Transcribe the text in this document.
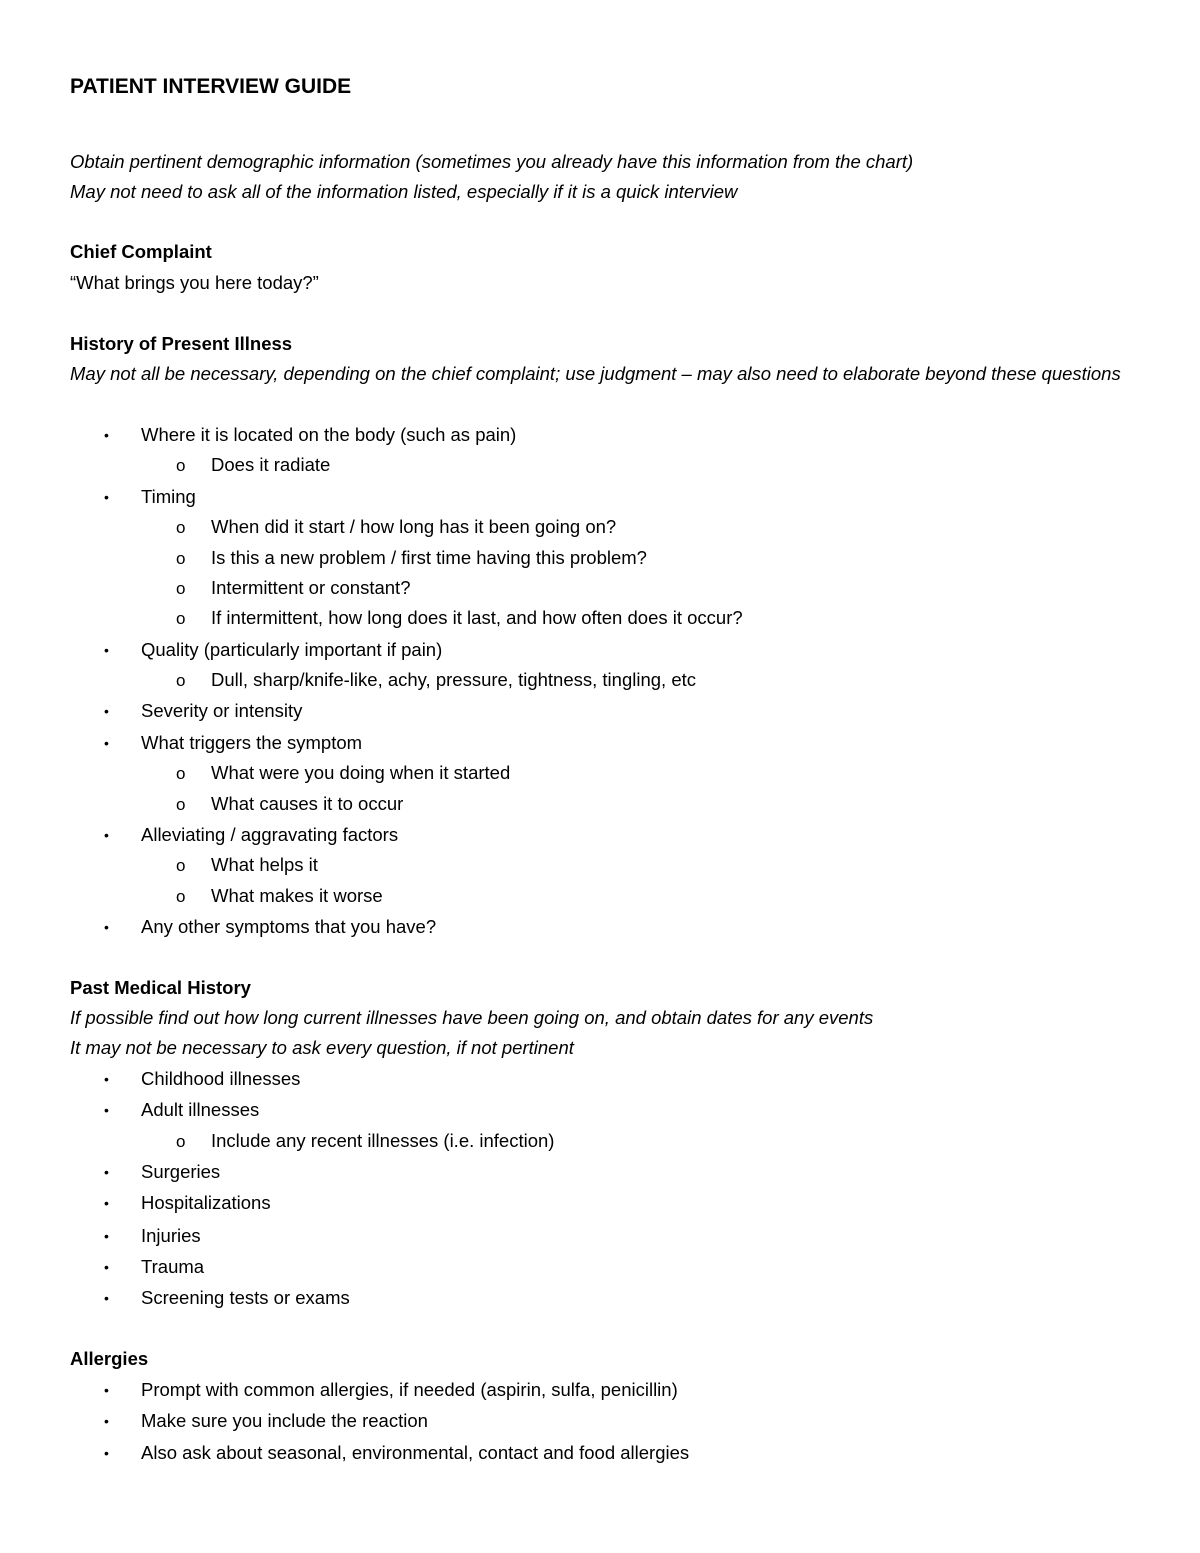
PATIENT INTERVIEW GUIDE
Obtain pertinent demographic information (sometimes you already have this information from the chart)
May not need to ask all of the information listed, especially if it is a quick interview
Chief Complaint
“What brings you here today?”
History of Present Illness
May not all be necessary, depending on the chief complaint; use judgment – may also need to elaborate beyond these questions
• Where it is located on the body (such as pain)
o Does it radiate
• Timing
o When did it start / how long has it been going on?
o Is this a new problem / first time having this problem?
o Intermittent or constant?
o If intermittent, how long does it last, and how often does it occur?
• Quality (particularly important if pain)
o Dull, sharp/knife-like, achy, pressure, tightness, tingling, etc
• Severity or intensity
• What triggers the symptom
o What were you doing when it started
o What causes it to occur
• Alleviating / aggravating factors
o What helps it
o What makes it worse
• Any other symptoms that you have?
Past Medical History
If possible find out how long current illnesses have been going on, and obtain dates for any events
It may not be necessary to ask every question, if not pertinent
• Childhood illnesses
• Adult illnesses
o Include any recent illnesses (i.e. infection)
• Surgeries
• Hospitalizations
• Injuries
• Trauma
• Screening tests or exams
Allergies
• Prompt with common allergies, if needed (aspirin, sulfa, penicillin)
• Make sure you include the reaction
• Also ask about seasonal, environmental, contact and food allergies
